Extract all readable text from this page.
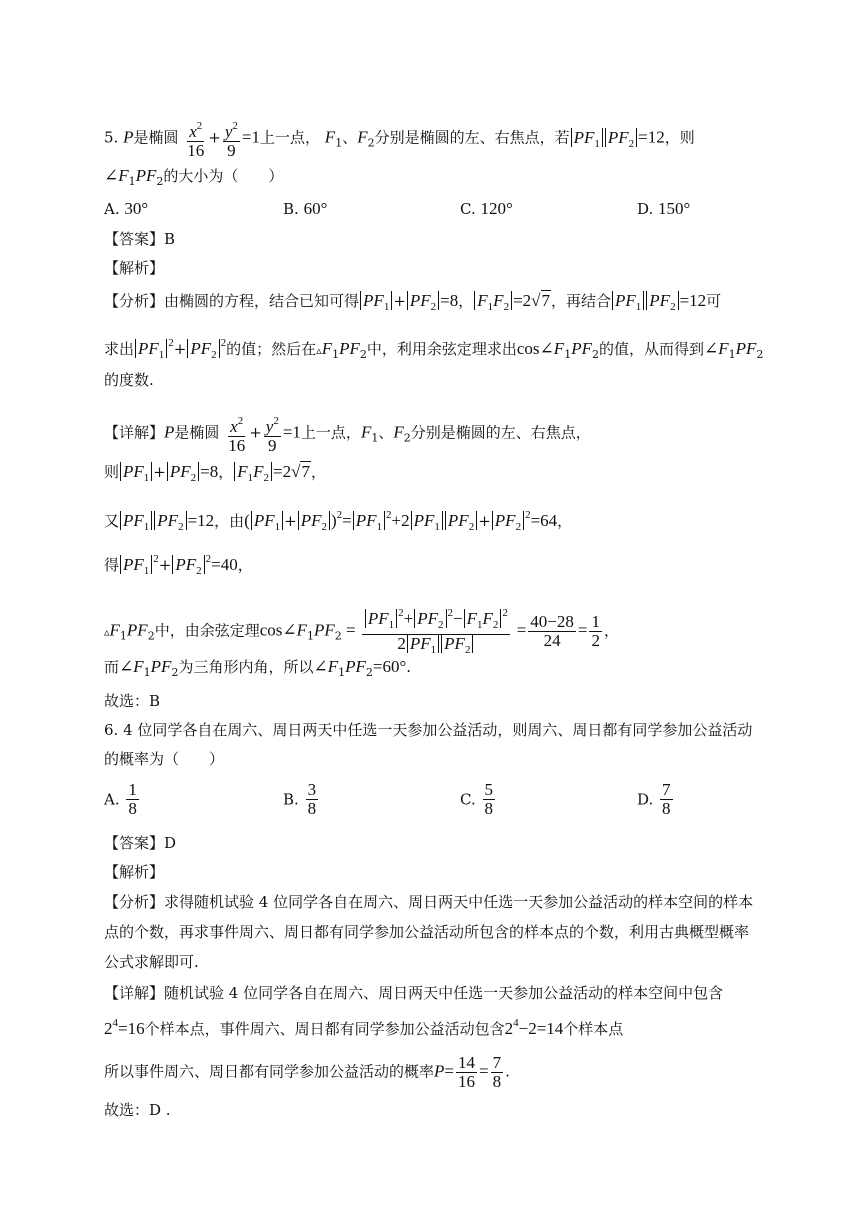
5. P是椭圆 $\frac{x^2}{16} + \frac{y^2}{9} =1$上一点， $F_1$、$F_2$分别是椭圆的左、右焦点，若 $PF_1$ $PF_2 =12$，则
$\angle F_1PF_2$的大小为（　　）
A. 30°	B. 60°	C. 120°	D. 150°
【答案】B
【解析】
【分析】由椭圆的方程，结合已知可得 $PF_1 + PF_2 =8$， $F_1F_2 =2√7$，再结合 $PF_1$ $PF_2 =12$可
求出 $PF_1^2+ PF_2^2$的值；然后在$▵F_1PF_2$中，利用余弦定理求出$\cos\angle F_1PF_2$的值，从而得到$\angle F_1PF_2$
的度数.
【详解】P是椭圆 $\frac{x^2}{16} + \frac{y^2}{9} =1$上一点，$F_1$、$F_2$分别是椭圆的左、右焦点，
则 $PF_1 + PF_2 =8$， $F_1F_2 =2√7$，
又 $PF_1$ $PF_2 =12$，由( $PF_1 + PF_2$ )$^2= PF_1^2+2$ $PF_1$ $PF_2 + PF_2^2=64$，
得 $PF_1^2+ PF_2^2=40$，
$▵F_1PF_2$中，由余弦定理$\cos\angle F_1PF_2 = \frac{PF_1^2+ PF_2^2- F_1F_2^2}{2 PF_1 PF_2} = \frac{40-28}{24} = \frac{1}{2}$ ，
而$\angle F_1PF_2$为三角形内角，所以$\angle F_1PF_2=60^\circ$.
故选：B
6. 4 位同学各自在周六、周日两天中任选一天参加公益活动，则周六、周日都有同学参加公益活动
的概率为（　　）
A. $\frac{1}{8}$	B. $\frac{3}{8}$	C. $\frac{5}{8}$	D. $\frac{7}{8}$
【答案】D
【解析】
【分析】求得随机试验 4 位同学各自在周六、周日两天中任选一天参加公益活动的样本空间的样本
点的个数，再求事件周六、周日都有同学参加公益活动所包含的样本点的个数，利用古典概型概率
公式求解即可.
【详解】随机试验 4 位同学各自在周六、周日两天中任选一天参加公益活动的样本空间中包含
$2^4=16$个样本点，事件周六、周日都有同学参加公益活动包含$2^4-2=14$个样本点
所以事件周六、周日都有同学参加公益活动的概率$P= \frac{14}{16} = \frac{7}{8}$ .
故选：D .
